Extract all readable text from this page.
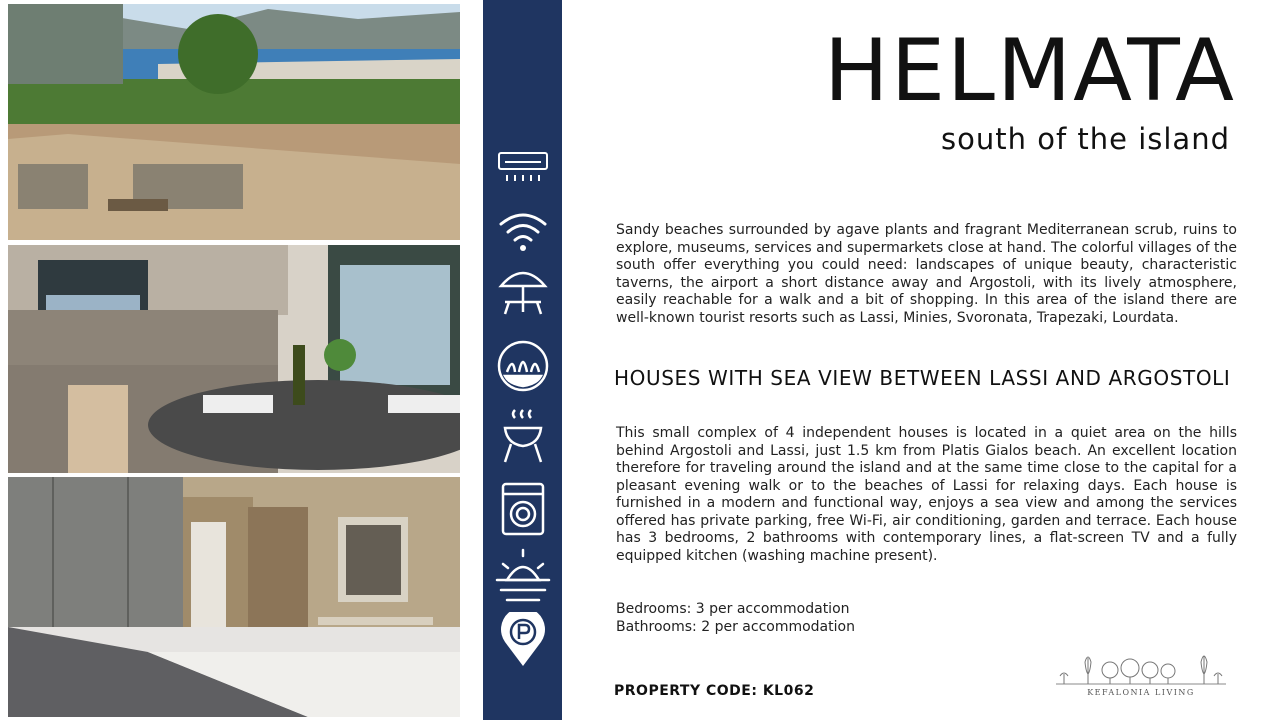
HELMATA
south of the island

Sandy beaches surrounded by agave plants and fragrant Mediterranean scrub, ruins to explore, museums, services and supermarkets close at hand. The colorful villages of the south offer everything you could need: landscapes of unique beauty, characteristic taverns, the airport a short distance away and Argostoli, with its lively atmosphere, easily reachable for a walk and a bit of shopping. In this area of the island there are well-known tourist resorts such as Lassi, Minies, Svoronata, Trapezaki, Lourdata.

HOUSES WITH SEA VIEW BETWEEN LASSI AND ARGOSTOLI

This small complex of 4 independent houses is located in a quiet area on the hills behind Argostoli and Lassi, just 1.5 km from Platis Gialos beach. An excellent location therefore for traveling around the island and at the same time close to the capital for a pleasant evening walk or to the beaches of Lassi for relaxing days. Each house is furnished in a modern and functional way, enjoys a sea view and among the services offered has private parking, free Wi-Fi, air conditioning, garden and terrace. Each house has 3 bedrooms, 2 bathrooms with contemporary lines, a flat-screen TV and a fully equipped kitchen (washing machine present).

Bedrooms: 3 per accommodation
Bathrooms: 2 per accommodation
PROPERTY CODE: KL062	KEFALONIA LIVING
